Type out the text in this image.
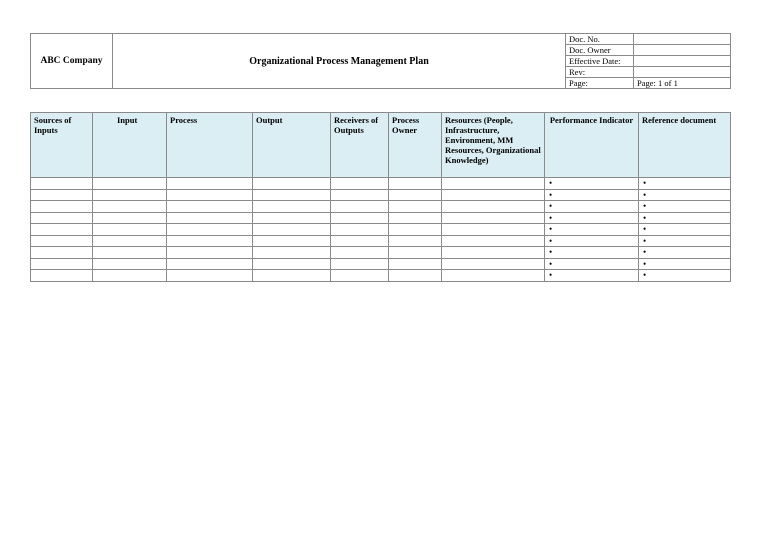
ABC Company	Organizational Process Management Plan	Doc. No.	
		Doc. Owner	
		Effective Date:	
		Rev:	
		Page:	Page: 1 of 1
Sources of Inputs	Input	Process	Output	Receivers of Outputs	Process Owner	Resources (People, Infrastructure, Environment, MM Resources, Organizational Knowledge)	Performance Indicator	Reference document
							•	•
							•	•
							•	•
							•	•
							•	•
							•	•
							•	•
							•	•
							•	•
